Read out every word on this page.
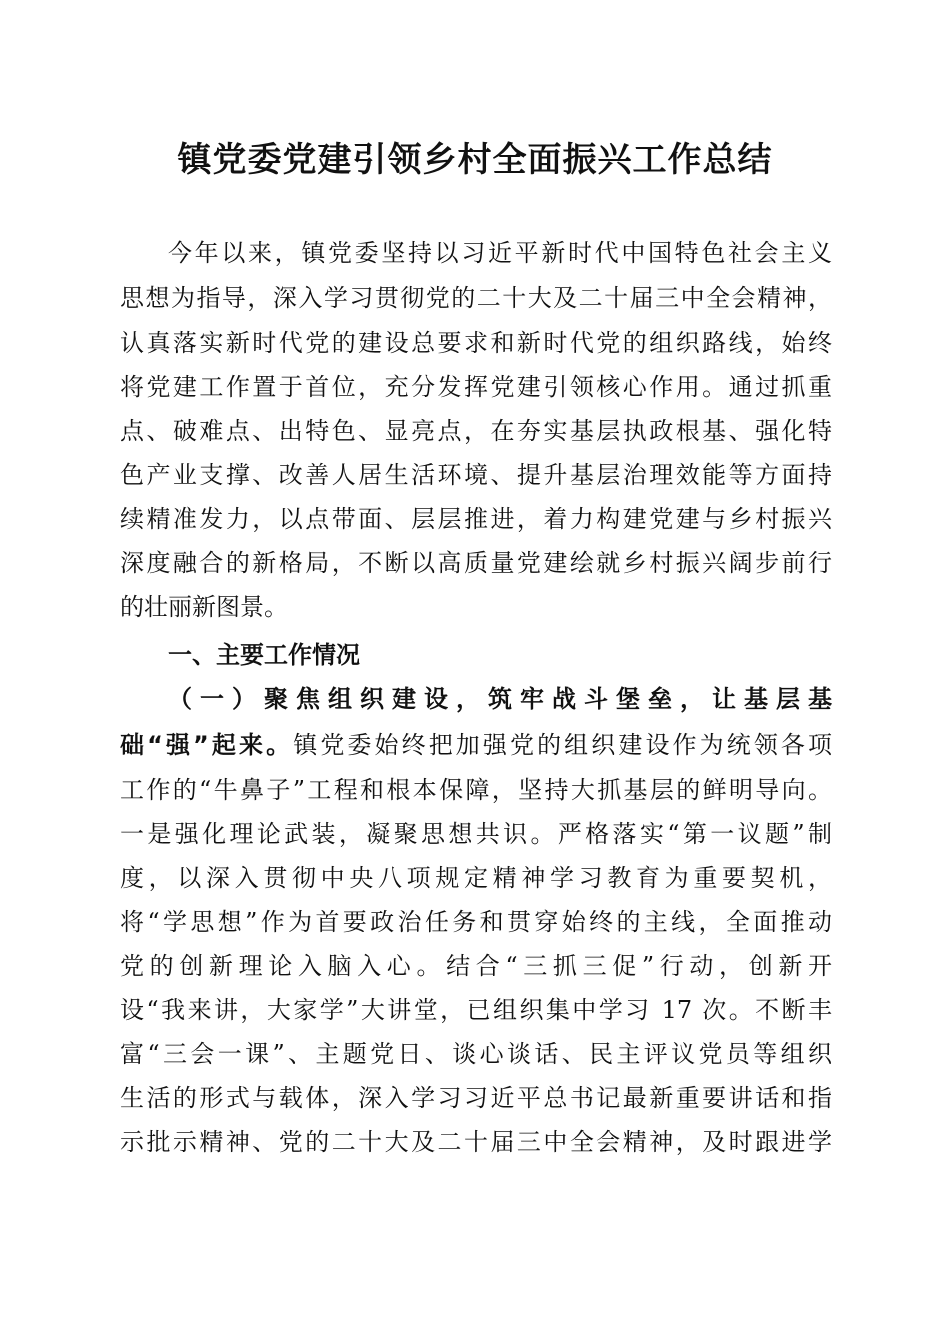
镇党委党建引领乡村全面振兴工作总结

今年以来，镇党委坚持以习近平新时代中国特色社会主义

思想为指导，深入学习贯彻党的二十大及二十届三中全会精神，

认真落实新时代党的建设总要求和新时代党的组织路线，始终

将党建工作置于首位，充分发挥党建引领核心作用。通过抓重

点、破难点、出特色、显亮点，在夯实基层执政根基、强化特

色产业支撑、改善人居生活环境、提升基层治理效能等方面持

续精准发力，以点带面、层层推进，着力构建党建与乡村振兴

深度融合的新格局，不断以高质量党建绘就乡村振兴阔步前行

的壮丽新图景。

一、主要工作情况

（一）聚焦组织建设，筑牢战斗堡垒，让基层基

础“强”起来。镇党委始终把加强党的组织建设作为统领各项

工作的“牛鼻子”工程和根本保障，坚持大抓基层的鲜明导向。

一是强化理论武装，凝聚思想共识。严格落实“第一议题”制

度，以深入贯彻中央八项规定精神学习教育为重要契机，

将“学思想”作为首要政治任务和贯穿始终的主线，全面推动

党的创新理论入脑入心。结合“三抓三促”行动，创新开

设“我来讲，大家学”大讲堂，已组织集中学习 17 次。不断丰

富“三会一课”、主题党日、谈心谈话、民主评议党员等组织

生活的形式与载体，深入学习习近平总书记最新重要讲话和指

示批示精神、党的二十大及二十届三中全会精神，及时跟进学
